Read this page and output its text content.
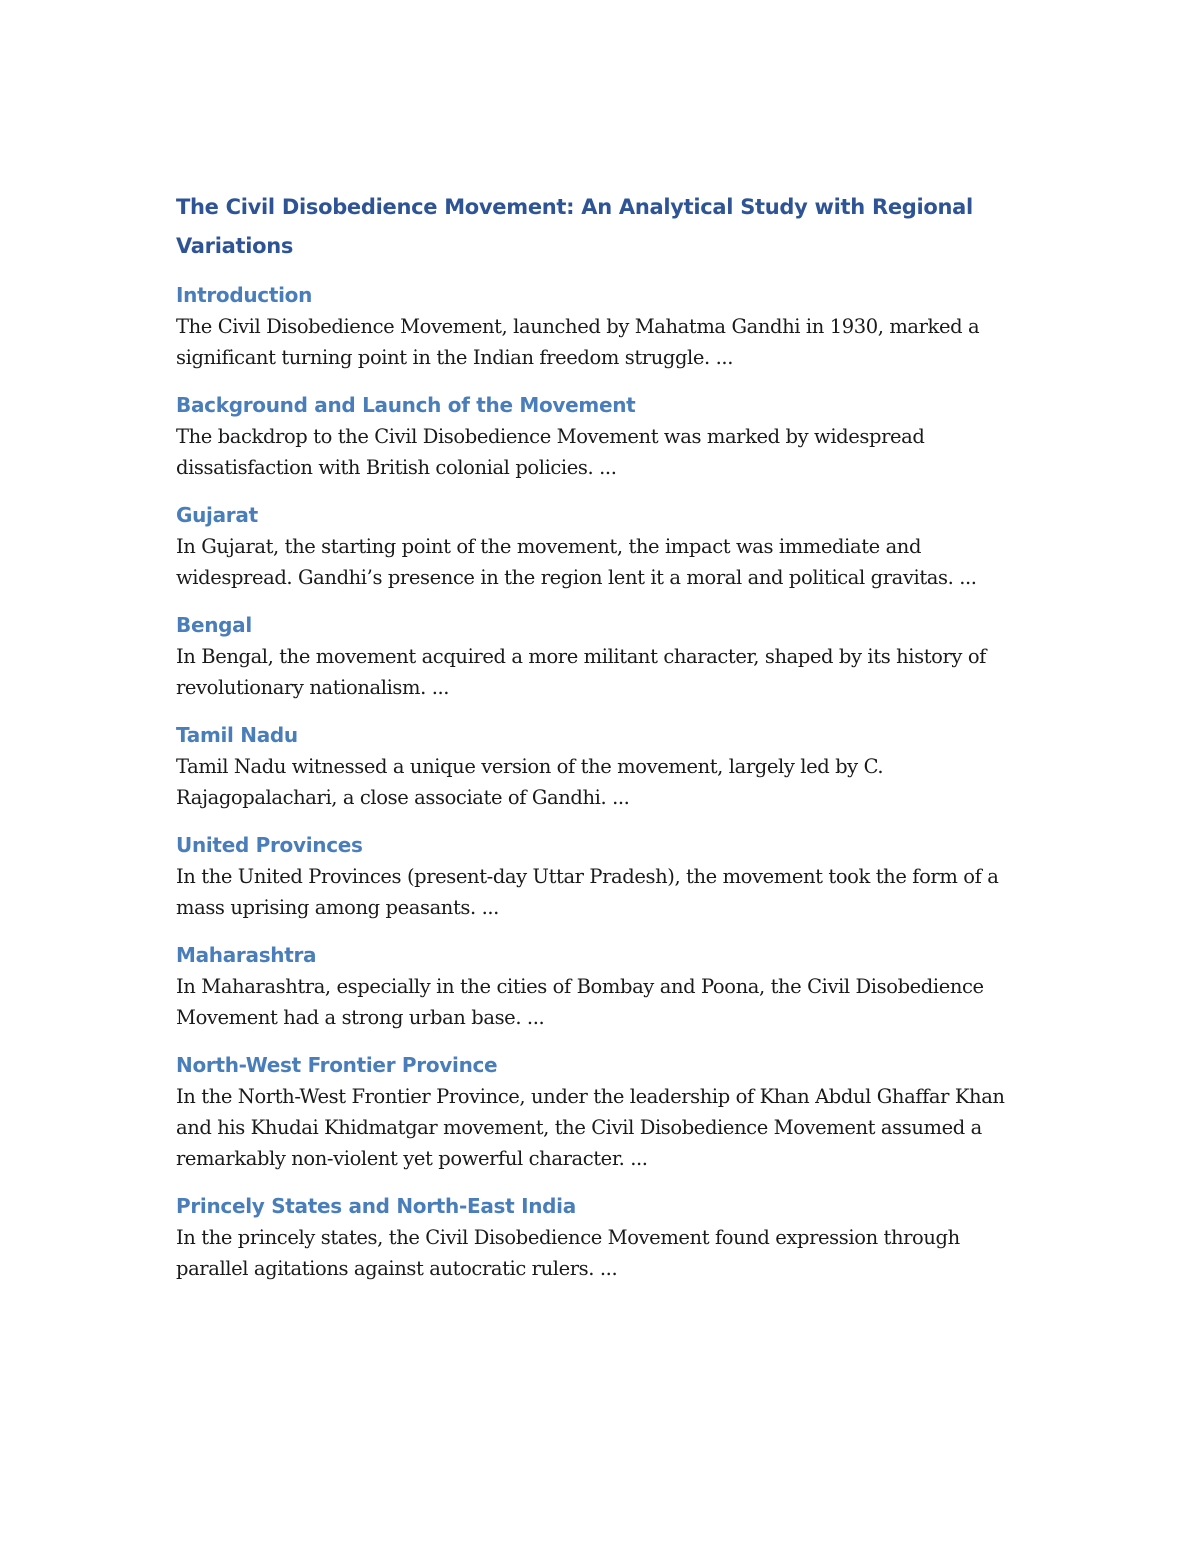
The Civil Disobedience Movement: An Analytical Study with Regional Variations
Introduction

The Civil Disobedience Movement, launched by Mahatma Gandhi in 1930, marked a significant turning point in the Indian freedom struggle. ...

Background and Launch of the Movement

The backdrop to the Civil Disobedience Movement was marked by widespread dissatisfaction with British colonial policies. ...

Gujarat

In Gujarat, the starting point of the movement, the impact was immediate and widespread. Gandhi’s presence in the region lent it a moral and political gravitas. ...

Bengal

In Bengal, the movement acquired a more militant character, shaped by its history of revolutionary nationalism. ...

Tamil Nadu

Tamil Nadu witnessed a unique version of the movement, largely led by C. Rajagopalachari, a close associate of Gandhi. ...

United Provinces

In the United Provinces (present-day Uttar Pradesh), the movement took the form of a mass uprising among peasants. ...

Maharashtra

In Maharashtra, especially in the cities of Bombay and Poona, the Civil Disobedience Movement had a strong urban base. ...

North-West Frontier Province

In the North-West Frontier Province, under the leadership of Khan Abdul Ghaffar Khan and his Khudai Khidmatgar movement, the Civil Disobedience Movement assumed a remarkably non-violent yet powerful character. ...

Princely States and North-East India

In the princely states, the Civil Disobedience Movement found expression through parallel agitations against autocratic rulers. ...
